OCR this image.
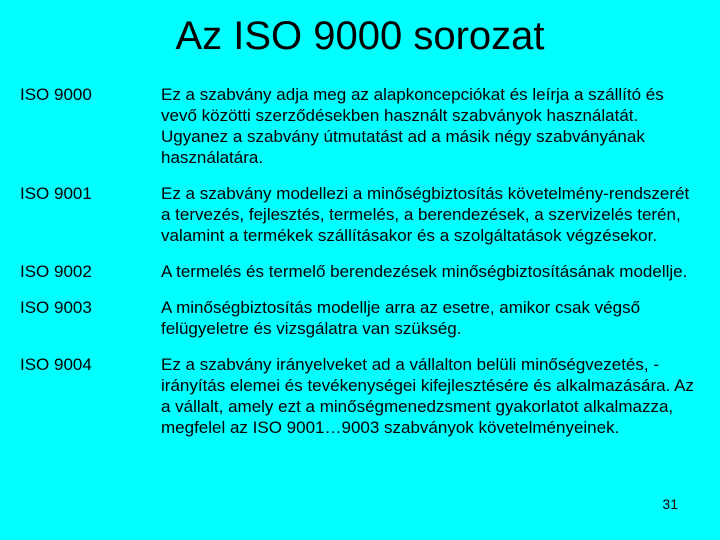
Az ISO 9000 sorozat
ISO 9000	Ez a szabvány adja meg az alapkoncepciókat és leírja a szállító és vevő közötti szerződésekben használt szabványok használatát. Ugyanez a szabvány útmutatást ad a másik négy szabványának használatára.
ISO 9001	Ez a szabvány modellezi a minőségbiztosítás követelmény-rendszerét a tervezés, fejlesztés, termelés, a berendezések, a szervizelés terén, valamint a termékek szállításakor és a szolgáltatások végzésekor.
ISO 9002	A termelés és termelő berendezések minőségbiztosításának modellje.
ISO 9003	A minőségbiztosítás modellje arra az esetre, amikor csak végső felügyeletre és vizsgálatra van szükség.
ISO 9004	Ez a szabvány irányelveket ad a vállalton belüli minőségvezetés, -irányítás elemei és tevékenységei kifejlesztésére és alkalmazására. Az a vállalt, amely ezt a minőségmenedzsment gyakorlatot alkalmazza, megfelel az ISO 9001…9003 szabványok követelményeinek.
31
